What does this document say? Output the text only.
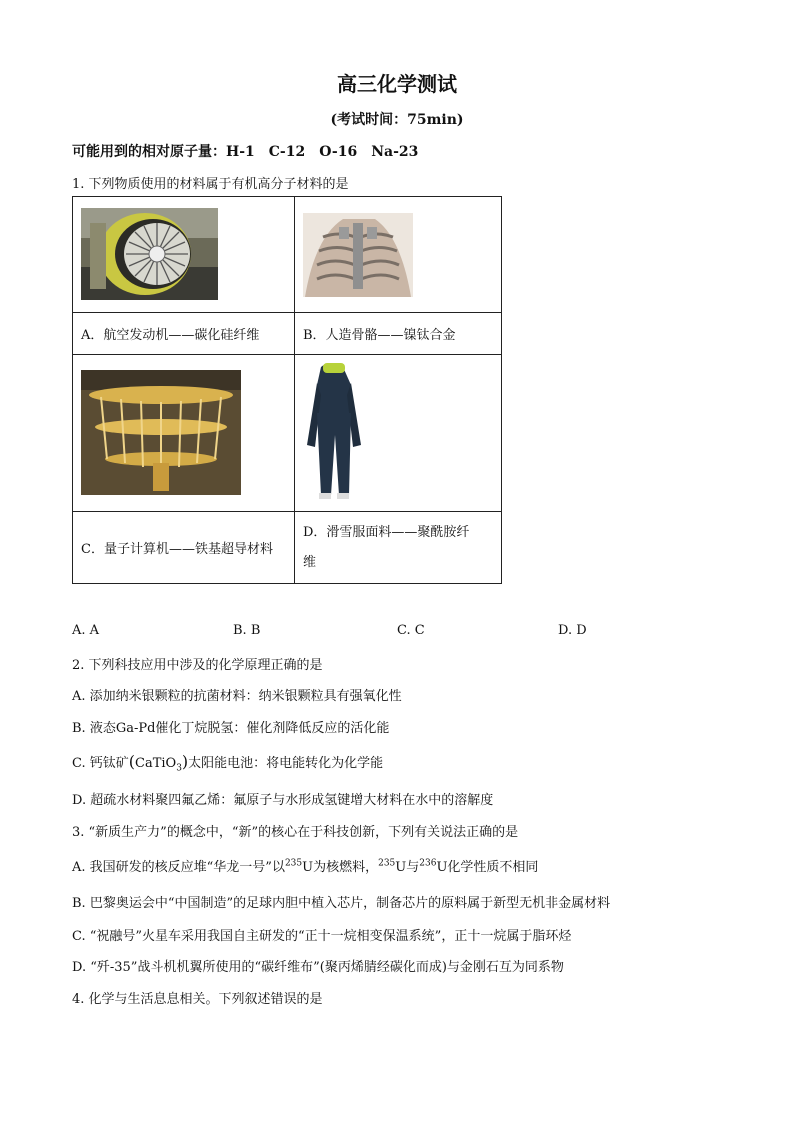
高三化学测试
(考试时间：75min)
可能用到的相对原子量：H-1　C-12　O-16　Na-23
1. 下列物质使用的材料属于有机高分子材料的是

A．航空发动机——碳化硅纤维	B．人造骨骼——镍钛合金

C．量子计算机——铁基超导材料	D．滑雪服面料——聚酰胺纤
维
A. A	B. B	C. C	D. D
2. 下列科技应用中涉及的化学原理正确的是
A. 添加纳米银颗粒的抗菌材料：纳米银颗粒具有强氧化性
B. 液态Ga-Pd催化丁烷脱氢：催化剂降低反应的活化能
C. 钙钛矿(CaTiO$_3$)太阳能电池：将电能转化为化学能
D. 超疏水材料聚四氟乙烯：氟原子与水形成氢键增大材料在水中的溶解度
3. “新质生产力”的概念中，“新”的核心在于科技创新，下列有关说法正确的是
A. 我国研发的核反应堆“华龙一号”以$^{235}$U为核燃料，$^{235}$U与$^{236}$U化学性质不相同
B. 巴黎奥运会中“中国制造”的足球内胆中植入芯片，制备芯片的原料属于新型无机非金属材料
C. “祝融号”火星车采用我国自主研发的“正十一烷相变保温系统”，正十一烷属于脂环烃
D. “歼-35”战斗机机翼所使用的“碳纤维布”(聚丙烯腈经碳化而成)与金刚石互为同系物
4. 化学与生活息息相关。下列叙述错误的是
